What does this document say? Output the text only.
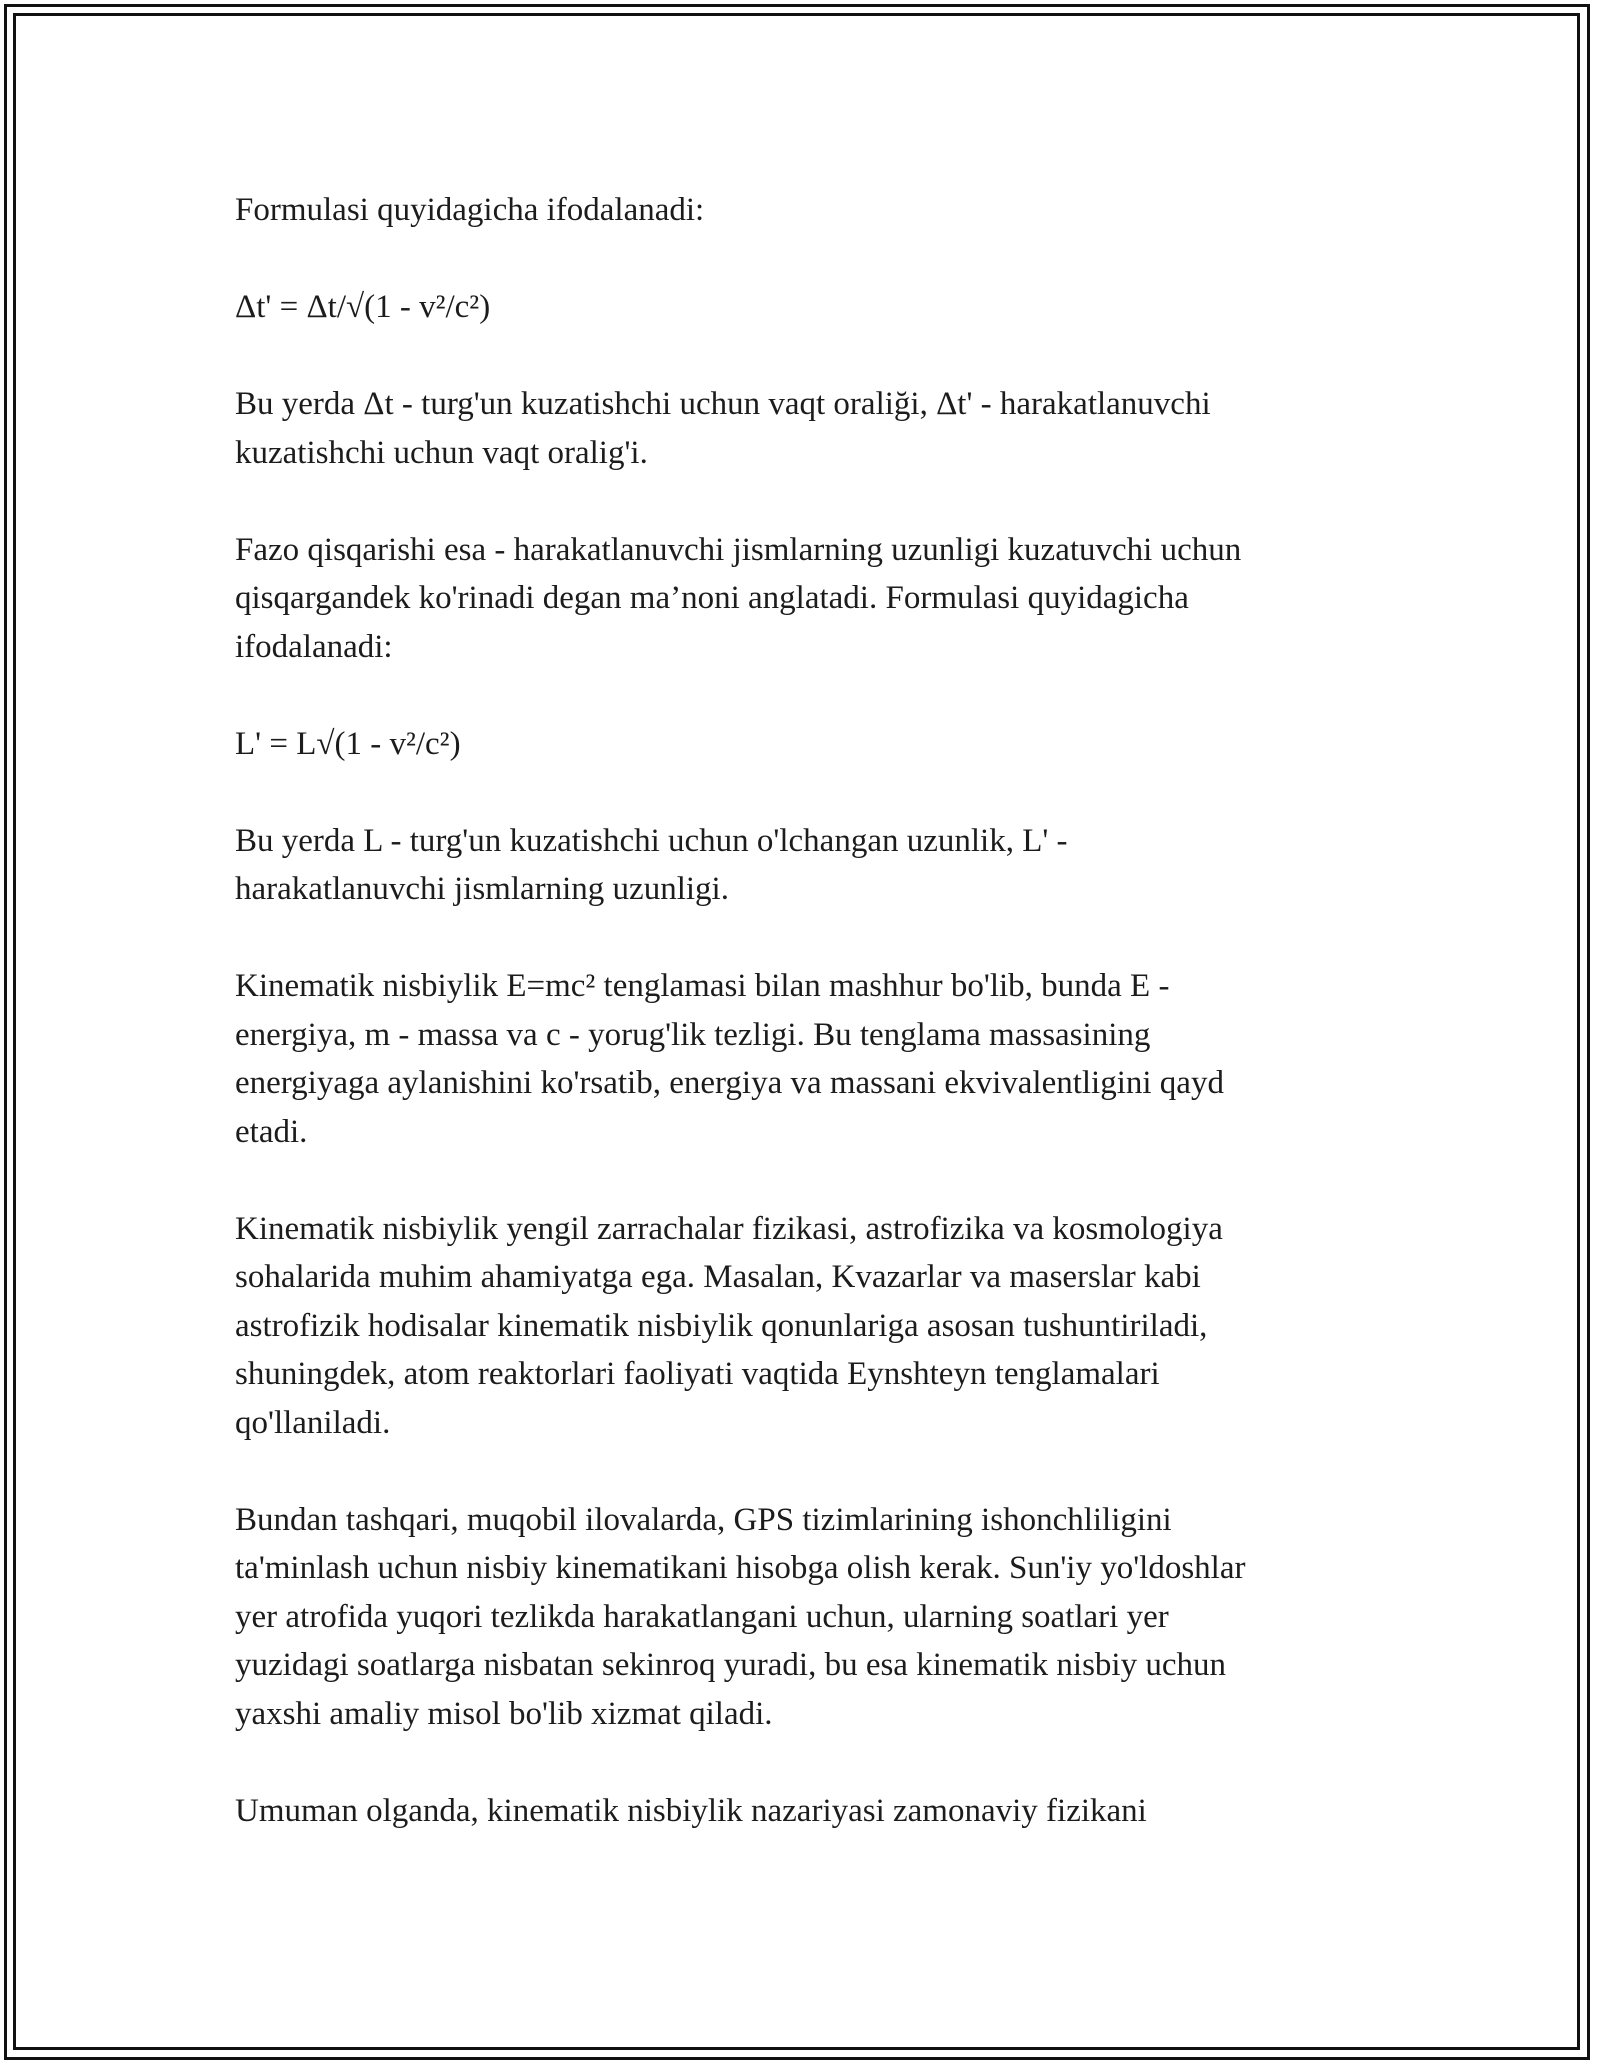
Formulasi quyidagicha ifodalanadi:

Δt' = Δt/√(1 - v²/c²)

Bu yerda Δt - turg'un kuzatishchi uchun vaqt oraliği, Δt' - harakatlanuvchi
kuzatishchi uchun vaqt oralig'i.

Fazo qisqarishi esa - harakatlanuvchi jismlarning uzunligi kuzatuvchi uchun
qisqargandek ko'rinadi degan ma’noni anglatadi. Formulasi quyidagicha
ifodalanadi:

L' = L√(1 - v²/c²)

Bu yerda L - turg'un kuzatishchi uchun o'lchangan uzunlik, L' -
harakatlanuvchi jismlarning uzunligi.

Kinematik nisbiylik E=mc² tenglamasi bilan mashhur bo'lib, bunda E -
energiya, m - massa va c - yorug'lik tezligi. Bu tenglama massasining
energiyaga aylanishini ko'rsatib, energiya va massani ekvivalentligini qayd
etadi.

Kinematik nisbiylik yengil zarrachalar fizikasi, astrofizika va kosmologiya
sohalarida muhim ahamiyatga ega. Masalan, Kvazarlar va maserslar kabi
astrofizik hodisalar kinematik nisbiylik qonunlariga asosan tushuntiriladi,
shuningdek, atom reaktorlari faoliyati vaqtida Eynshteyn tenglamalari
qo'llaniladi.

Bundan tashqari, muqobil ilovalarda, GPS tizimlarining ishonchliligini
ta'minlash uchun nisbiy kinematikani hisobga olish kerak. Sun'iy yo'ldoshlar
yer atrofida yuqori tezlikda harakatlangani uchun, ularning soatlari yer
yuzidagi soatlarga nisbatan sekinroq yuradi, bu esa kinematik nisbiy uchun
yaxshi amaliy misol bo'lib xizmat qiladi.

Umuman olganda, kinematik nisbiylik nazariyasi zamonaviy fizikani
